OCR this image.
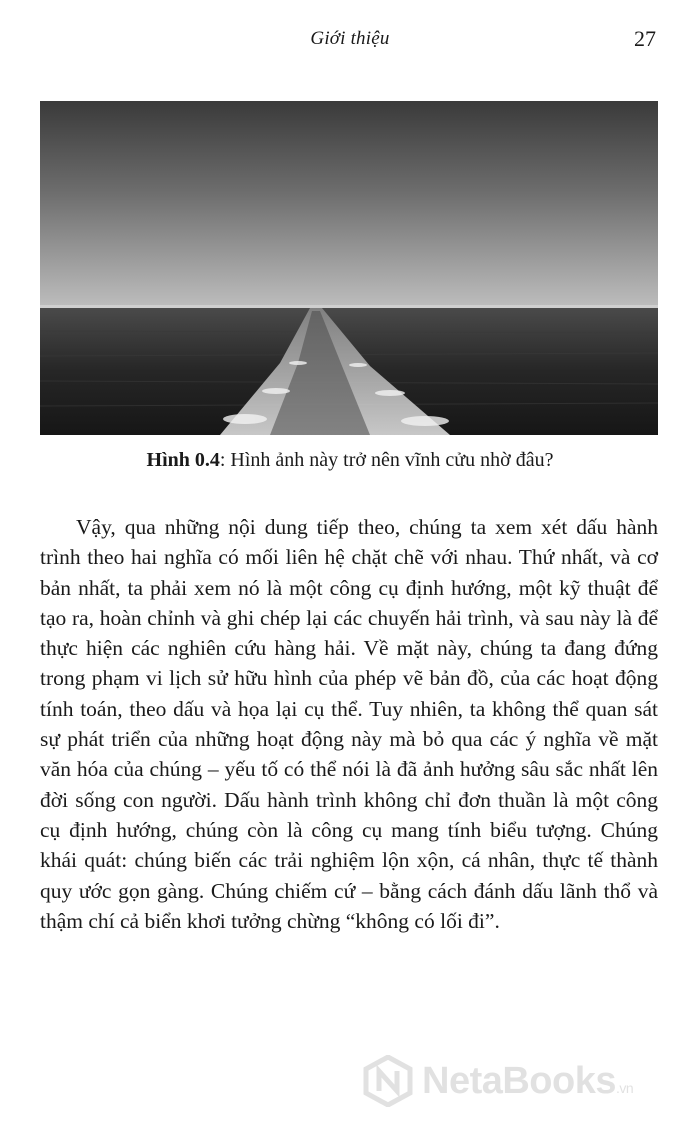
Giới thiệu	27
Hình 0.4: Hình ảnh này trở nên vĩnh cửu nhờ đâu?

Vậy, qua những nội dung tiếp theo, chúng ta xem xét dấu hành trình theo hai nghĩa có mối liên hệ chặt chẽ với nhau. Thứ nhất, và cơ bản nhất, ta phải xem nó là một công cụ định hướng, một kỹ thuật để tạo ra, hoàn chỉnh và ghi chép lại các chuyến hải trình, và sau này là để thực hiện các nghiên cứu hàng hải. Về mặt này, chúng ta đang đứng trong phạm vi lịch sử hữu hình của phép vẽ bản đồ, của các hoạt động tính toán, theo dấu và họa lại cụ thể. Tuy nhiên, ta không thể quan sát sự phát triển của những hoạt động này mà bỏ qua các ý nghĩa về mặt văn hóa của chúng – yếu tố có thể nói là đã ảnh hưởng sâu sắc nhất lên đời sống con người. Dấu hành trình không chỉ đơn thuần là một công cụ định hướng, chúng còn là công cụ mang tính biểu tượng. Chúng khái quát: chúng biến các trải nghiệm lộn xộn, cá nhân, thực tế thành quy ước gọn gàng. Chúng chiếm cứ – bằng cách đánh dấu lãnh thổ và thậm chí cả biển khơi tưởng chừng “không có lối đi”.

NetaBooks.vn
